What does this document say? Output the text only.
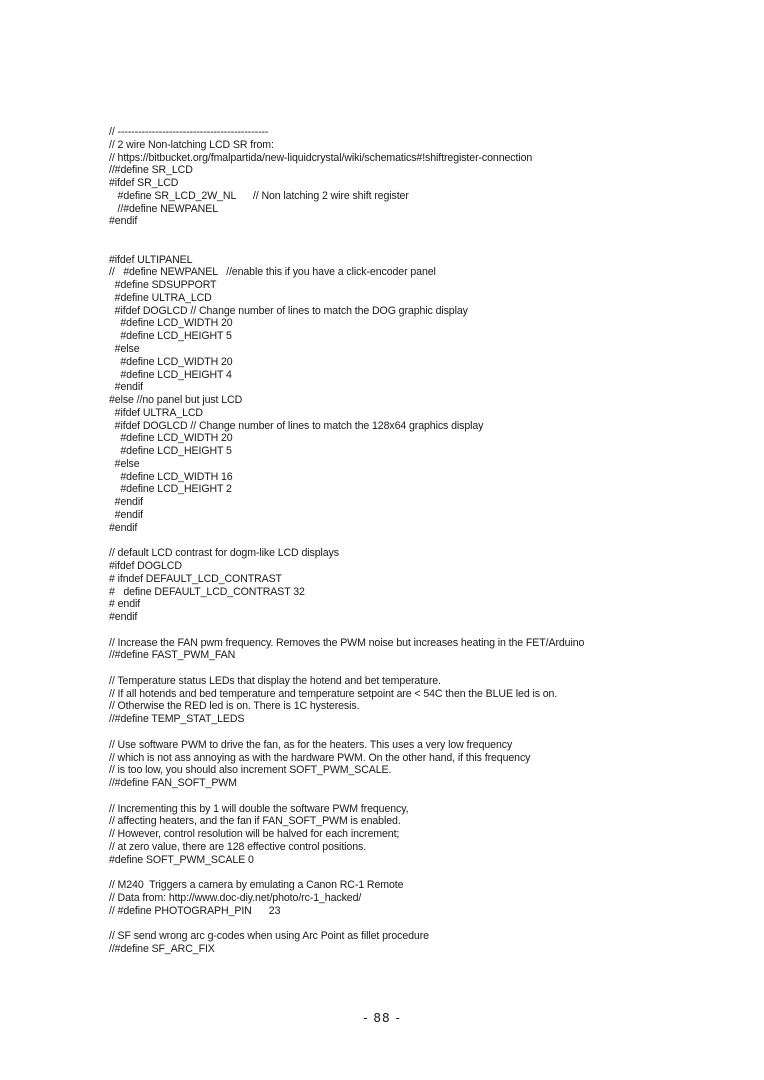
// --------------------------------------------
// 2 wire Non-latching LCD SR from:
// https://bitbucket.org/fmalpartida/new-liquidcrystal/wiki/schematics#!shiftregister-connection
//#define SR_LCD
#ifdef SR_LCD
#define SR_LCD_2W_NL      // Non latching 2 wire shift register
//#define NEWPANEL
#endif
#ifdef ULTIPANEL
//   #define NEWPANEL   //enable this if you have a click-encoder panel
#define SDSUPPORT
#define ULTRA_LCD
#ifdef DOGLCD // Change number of lines to match the DOG graphic display
#define LCD_WIDTH 20
#define LCD_HEIGHT 5
#else
#define LCD_WIDTH 20
#define LCD_HEIGHT 4
#endif
#else //no panel but just LCD
#ifdef ULTRA_LCD
#ifdef DOGLCD // Change number of lines to match the 128x64 graphics display
#define LCD_WIDTH 20
#define LCD_HEIGHT 5
#else
#define LCD_WIDTH 16
#define LCD_HEIGHT 2
#endif
#endif
#endif
// default LCD contrast for dogm-like LCD displays
#ifdef DOGLCD
# ifndef DEFAULT_LCD_CONTRAST
#   define DEFAULT_LCD_CONTRAST 32
# endif
#endif
// Increase the FAN pwm frequency. Removes the PWM noise but increases heating in the FET/Arduino
//#define FAST_PWM_FAN
// Temperature status LEDs that display the hotend and bet temperature.
// If all hotends and bed temperature and temperature setpoint are < 54C then the BLUE led is on.
// Otherwise the RED led is on. There is 1C hysteresis.
//#define TEMP_STAT_LEDS
// Use software PWM to drive the fan, as for the heaters. This uses a very low frequency
// which is not ass annoying as with the hardware PWM. On the other hand, if this frequency
// is too low, you should also increment SOFT_PWM_SCALE.
//#define FAN_SOFT_PWM
// Incrementing this by 1 will double the software PWM frequency,
// affecting heaters, and the fan if FAN_SOFT_PWM is enabled.
// However, control resolution will be halved for each increment;
// at zero value, there are 128 effective control positions.
#define SOFT_PWM_SCALE 0
// M240  Triggers a camera by emulating a Canon RC-1 Remote
// Data from: http://www.doc-diy.net/photo/rc-1_hacked/
// #define PHOTOGRAPH_PIN      23
// SF send wrong arc g-codes when using Arc Point as fillet procedure
//#define SF_ARC_FIX
- 88 -
